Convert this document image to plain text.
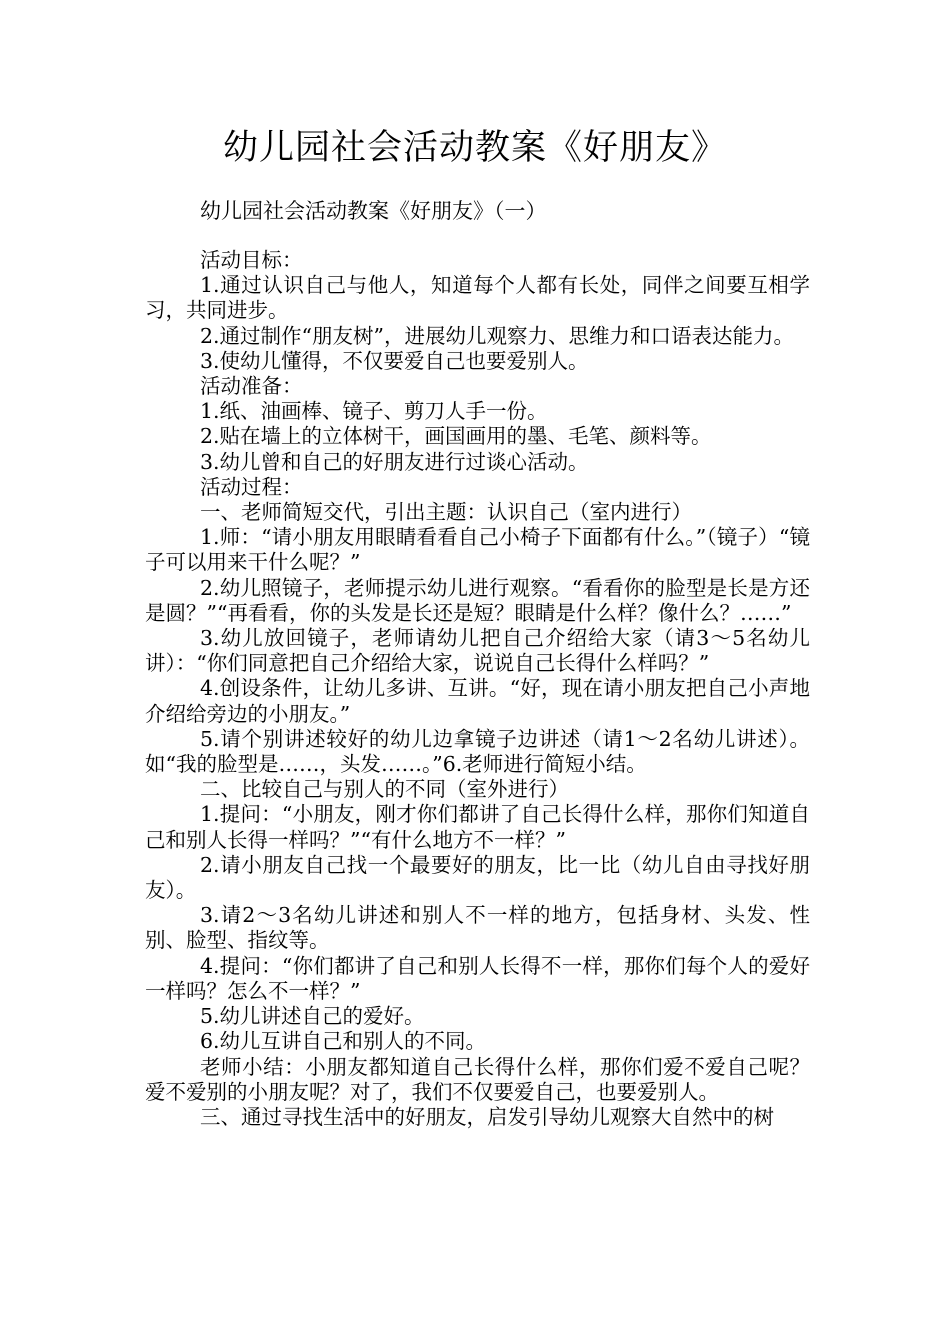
幼儿园社会活动教案《好朋友》
幼儿园社会活动教案《好朋友》（一）

活动目标：

1.通过认识自己与他人，知道每个人都有长处，同伴之间要互相学习，共同进步。

2.通过制作“朋友树”，进展幼儿观察力、思维力和口语表达能力。

3.使幼儿懂得，不仅要爱自己也要爱别人。

活动准备：

1.纸、油画棒、镜子、剪刀人手一份。

2.贴在墙上的立体树干，画国画用的墨、毛笔、颜料等。

3.幼儿曾和自己的好朋友进行过谈心活动。

活动过程：

一、老师简短交代，引出主题：认识自己（室内进行）

1.师：“请小朋友用眼睛看看自己小椅子下面都有什么。”（镜子）“镜子可以用来干什么呢？”

2.幼儿照镜子，老师提示幼儿进行观察。“看看你的脸型是长是方还是圆？”“再看看，你的头发是长还是短？眼睛是什么样？像什么？……”

3.幼儿放回镜子，老师请幼儿把自己介绍给大家（请3～5名幼儿讲）：“你们同意把自己介绍给大家，说说自己长得什么样吗？”

4.创设条件，让幼儿多讲、互讲。“好，现在请小朋友把自己小声地介绍给旁边的小朋友。”

5.请个别讲述较好的幼儿边拿镜子边讲述（请1～2名幼儿讲述）。如“我的脸型是……，头发……。”6.老师进行简短小结。

二、比较自己与别人的不同（室外进行）

1.提问：“小朋友，刚才你们都讲了自己长得什么样，那你们知道自己和别人长得一样吗？”“有什么地方不一样？”

2.请小朋友自己找一个最要好的朋友，比一比（幼儿自由寻找好朋友）。

3.请2～3名幼儿讲述和别人不一样的地方，包括身材、头发、性别、脸型、指纹等。

4.提问：“你们都讲了自己和别人长得不一样，那你们每个人的爱好一样吗？怎么不一样？”

5.幼儿讲述自己的爱好。

6.幼儿互讲自己和别人的不同。

老师小结：小朋友都知道自己长得什么样，那你们爱不爱自己呢？爱不爱别的小朋友呢？对了，我们不仅要爱自己，也要爱别人。

三、通过寻找生活中的好朋友，启发引导幼儿观察大自然中的树
